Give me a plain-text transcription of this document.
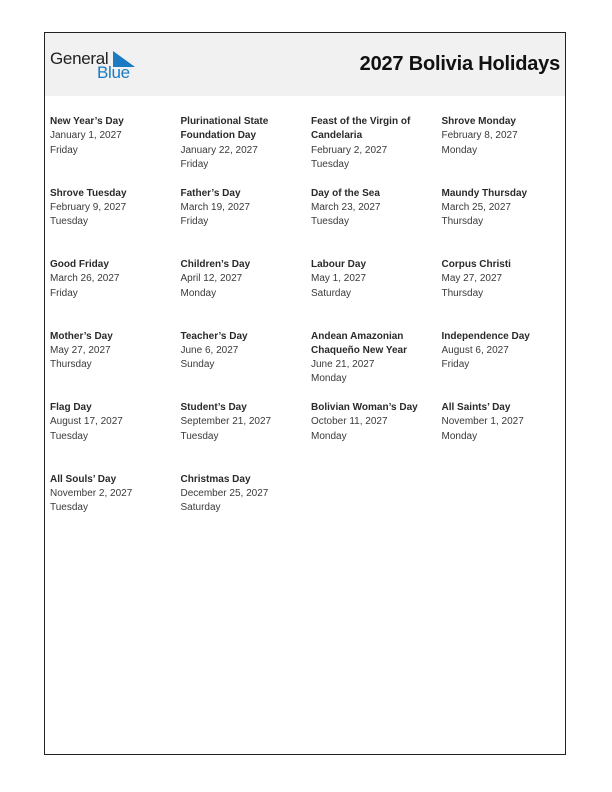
General
Blue	2027 Bolivia Holidays
New Year’s Day
January 1, 2027
Friday
Plurinational State Foundation Day
January 22, 2027
Friday
Feast of the Virgin of Candelaria
February 2, 2027
Tuesday
Shrove Monday
February 8, 2027
Monday
Shrove Tuesday
February 9, 2027
Tuesday
Father’s Day
March 19, 2027
Friday
Day of the Sea
March 23, 2027
Tuesday
Maundy Thursday
March 25, 2027
Thursday
Good Friday
March 26, 2027
Friday
Children’s Day
April 12, 2027
Monday
Labour Day
May 1, 2027
Saturday
Corpus Christi
May 27, 2027
Thursday
Mother’s Day
May 27, 2027
Thursday
Teacher’s Day
June 6, 2027
Sunday
Andean Amazonian Chaqueño New Year
June 21, 2027
Monday
Independence Day
August 6, 2027
Friday
Flag Day
August 17, 2027
Tuesday
Student’s Day
September 21, 2027
Tuesday
Bolivian Woman’s Day
October 11, 2027
Monday
All Saints’ Day
November 1, 2027
Monday
All Souls’ Day
November 2, 2027
Tuesday
Christmas Day
December 25, 2027
Saturday
